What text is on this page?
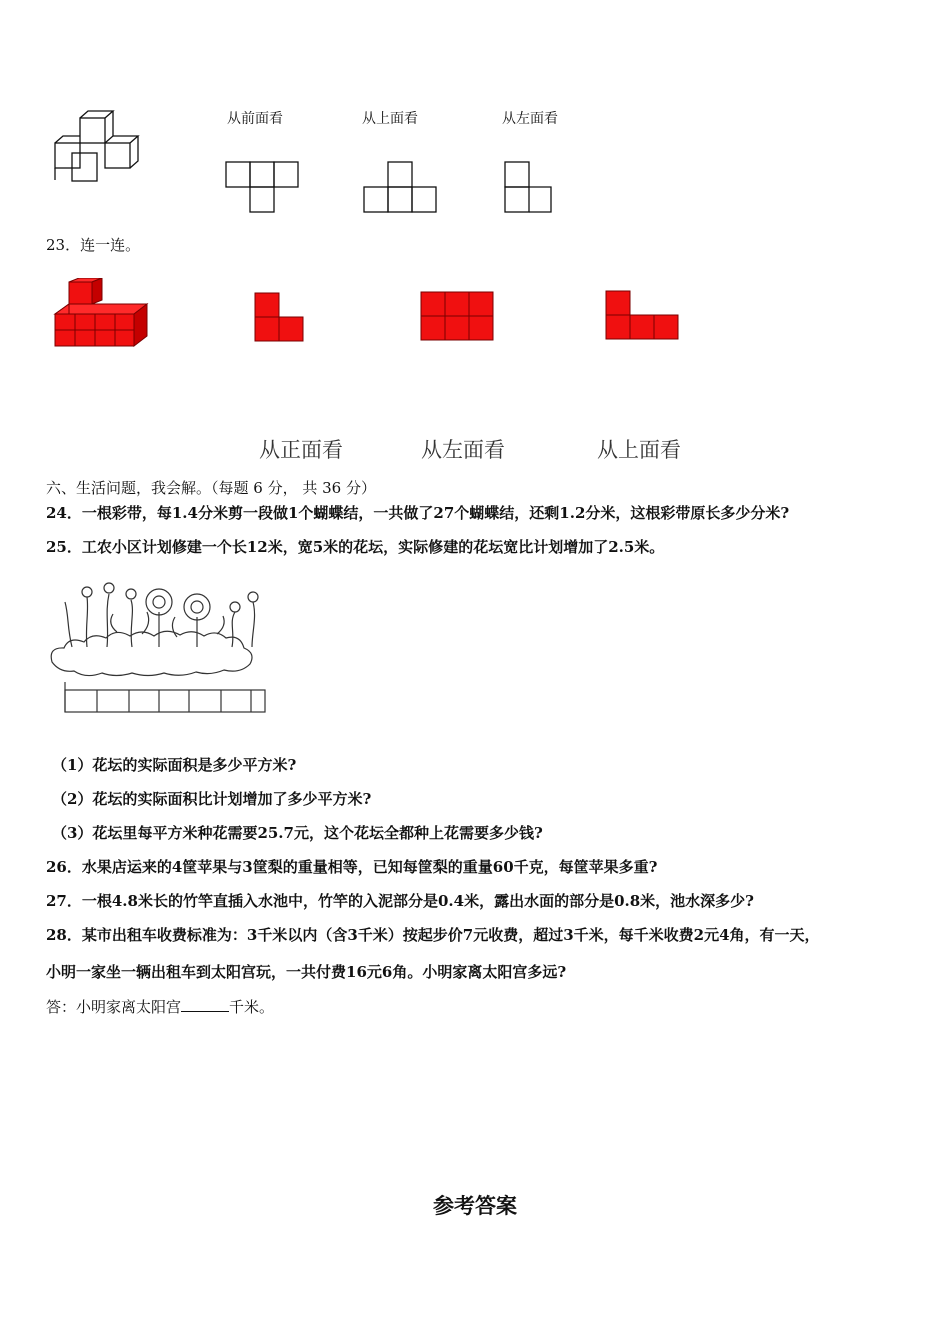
从前面看	从上面看	从左面看
23．连一连。
从正面看	从左面看	从上面看
六、生活问题，我会解。（每题 6 分， 共 36 分）
24．一根彩带，每1.4分米剪一段做1个蝴蝶结，一共做了27个蝴蝶结，还剩1.2分米，这根彩带原长多少分米?
25．工农小区计划修建一个长12米，宽5米的花坛，实际修建的花坛宽比计划增加了2.5米。
（1）花坛的实际面积是多少平方米?
（2）花坛的实际面积比计划增加了多少平方米?
（3）花坛里每平方米种花需要25.7元，这个花坛全都种上花需要多少钱?
26．水果店运来的4筐苹果与3筐梨的重量相等，已知每筐梨的重量60千克，每筐苹果多重?
27．一根4.8米长的竹竿直插入水池中，竹竿的入泥部分是0.4米，露出水面的部分是0.8米，池水深多少?
28．某市出租车收费标准为：3千米以内（含3千米）按起步价7元收费，超过3千米，每千米收费2元4角，有一天，
小明一家坐一辆出租车到太阳宫玩，一共付费16元6角。小明家离太阳宫多远?
答：小明家离太阳宫	千米。
参考答案
